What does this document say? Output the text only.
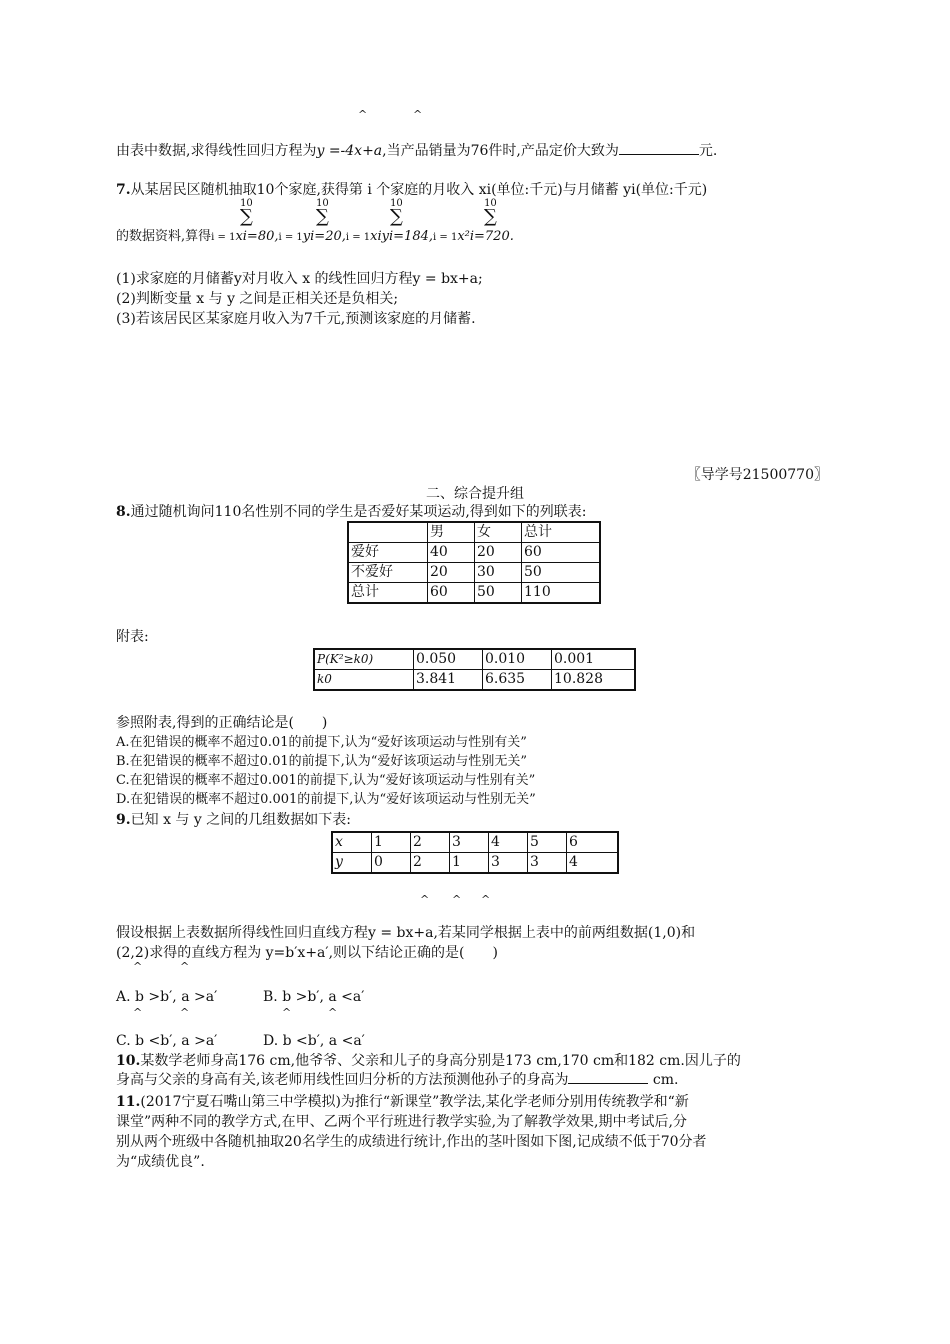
^	^
由表中数据,求得线性回归方程为y =-4x+a,当产品销量为76件时,产品定价大致为	元.
7.从某居民区随机抽取10个家庭,获得第 i 个家庭的月收入 xi(单位:千元)与月储蓄 yi(单位:千元)
10
∑
10
∑
10
∑
10
∑
的数据资料,算得i = 1xi=80,i = 1yi=20,i = 1xiyi=184,i = 1x²i=720.
(1)求家庭的月储蓄y对月收入 x 的线性回归方程y = bx+a;
(2)判断变量 x 与 y 之间是正相关还是负相关;
(3)若该居民区某家庭月收入为7千元,预测该家庭的月储蓄.
〖导学号21500770〗
二、综合提升组
8.通过随机询问110名性别不同的学生是否爱好某项运动,得到如下的列联表:
	男	女	总计
爱好	40	20	60
不爱好	20	30	50
总计	60	50	110
附表:
P(K²≥k0)	0.050	0.010	0.001
k0	3.841	6.635	10.828
参照附表,得到的正确结论是(　　)
A.在犯错误的概率不超过0.01的前提下,认为“爱好该项运动与性别有关”
B.在犯错误的概率不超过0.01的前提下,认为“爱好该项运动与性别无关”
C.在犯错误的概率不超过0.001的前提下,认为“爱好该项运动与性别有关”
D.在犯错误的概率不超过0.001的前提下,认为“爱好该项运动与性别无关”
9.已知 x 与 y 之间的几组数据如下表:
x	1	2	3	4	5	6
y	0	2	1	3	3	4
^ ^ ^
假设根据上表数据所得线性回归直线方程y = bx+a,若某同学根据上表中的前两组数据(1,0)和
(2,2)求得的直线方程为 y=b′x+a′,则以下结论正确的是(　　)
^	^
A. b >b′, a >a′	B. b >b′, a <a′
^	^	^	^
C. b <b′, a >a′	D. b <b′, a <a′
10.某数学老师身高176 cm,他爷爷、父亲和儿子的身高分别是173 cm,170 cm和182 cm.因儿子的
身高与父亲的身高有关,该老师用线性回归分析的方法预测他孙子的身高为	cm.
11.(2017宁夏石嘴山第三中学模拟)为推行“新课堂”教学法,某化学老师分别用传统教学和“新
课堂”两种不同的教学方式,在甲、乙两个平行班进行教学实验,为了解教学效果,期中考试后,分
别从两个班级中各随机抽取20名学生的成绩进行统计,作出的茎叶图如下图,记成绩不低于70分者
为“成绩优良”.
